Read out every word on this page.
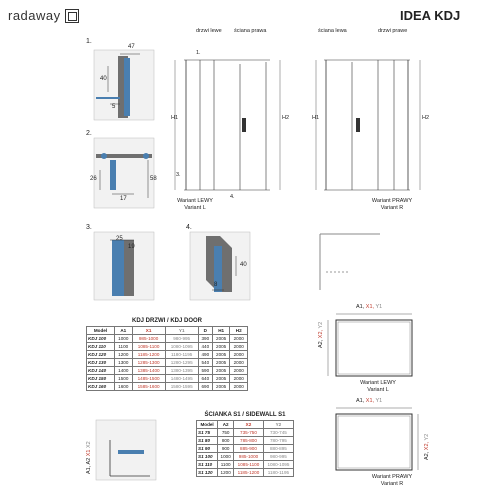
radaway	IDEA KDJ
1.
2.
3.	4.
47
40
5
26
17
58
25
19
40
8
drzwi lewe ściana prawa
H1	H2
3.
4.
1.
Wariant LEWY
Variant L
ściana lewa	drzwi prawe
H1	H2
Wariant PRAWY
Variant R
A1, X1, Y1
A2, X2, Y2
Wariant LEWY
Variant L
A1, X1, Y1
A2, X2, Y2
Wariant PRAWY
Variant R
A1, A2 X1 X2
KDJ DRZWI / KDJ DOOR
Model	A1	X1	Y1	D	H1	H2
KDJ 100	1000	985-1000	980-995	390	2005	2000
KDJ 110	1100	1085-1100	1080-1095	440	2005	2000
KDJ 120	1200	1185-1200	1180-1195	490	2005	2000
KDJ 130	1300	1285-1300	1280-1295	540	2005	2000
KDJ 140	1400	1385-1400	1380-1395	590	2005	2000
KDJ 150	1500	1485-1500	1480-1495	640	2005	2000
KDJ 160	1600	1585-1600	1580-1595	690	2005	2000
ŚCIANKA S1 / SIDEWALL S1
Model	A2	X2	Y2
S1 75	750	735-750	730-745
S1 80	800	785-800	780-795
S1 90	900	885-900	880-895
S1 100	1000	985-1000	980-995
S1 110	1100	1085-1100	1080-1095
S1 120	1200	1185-1200	1180-1195
